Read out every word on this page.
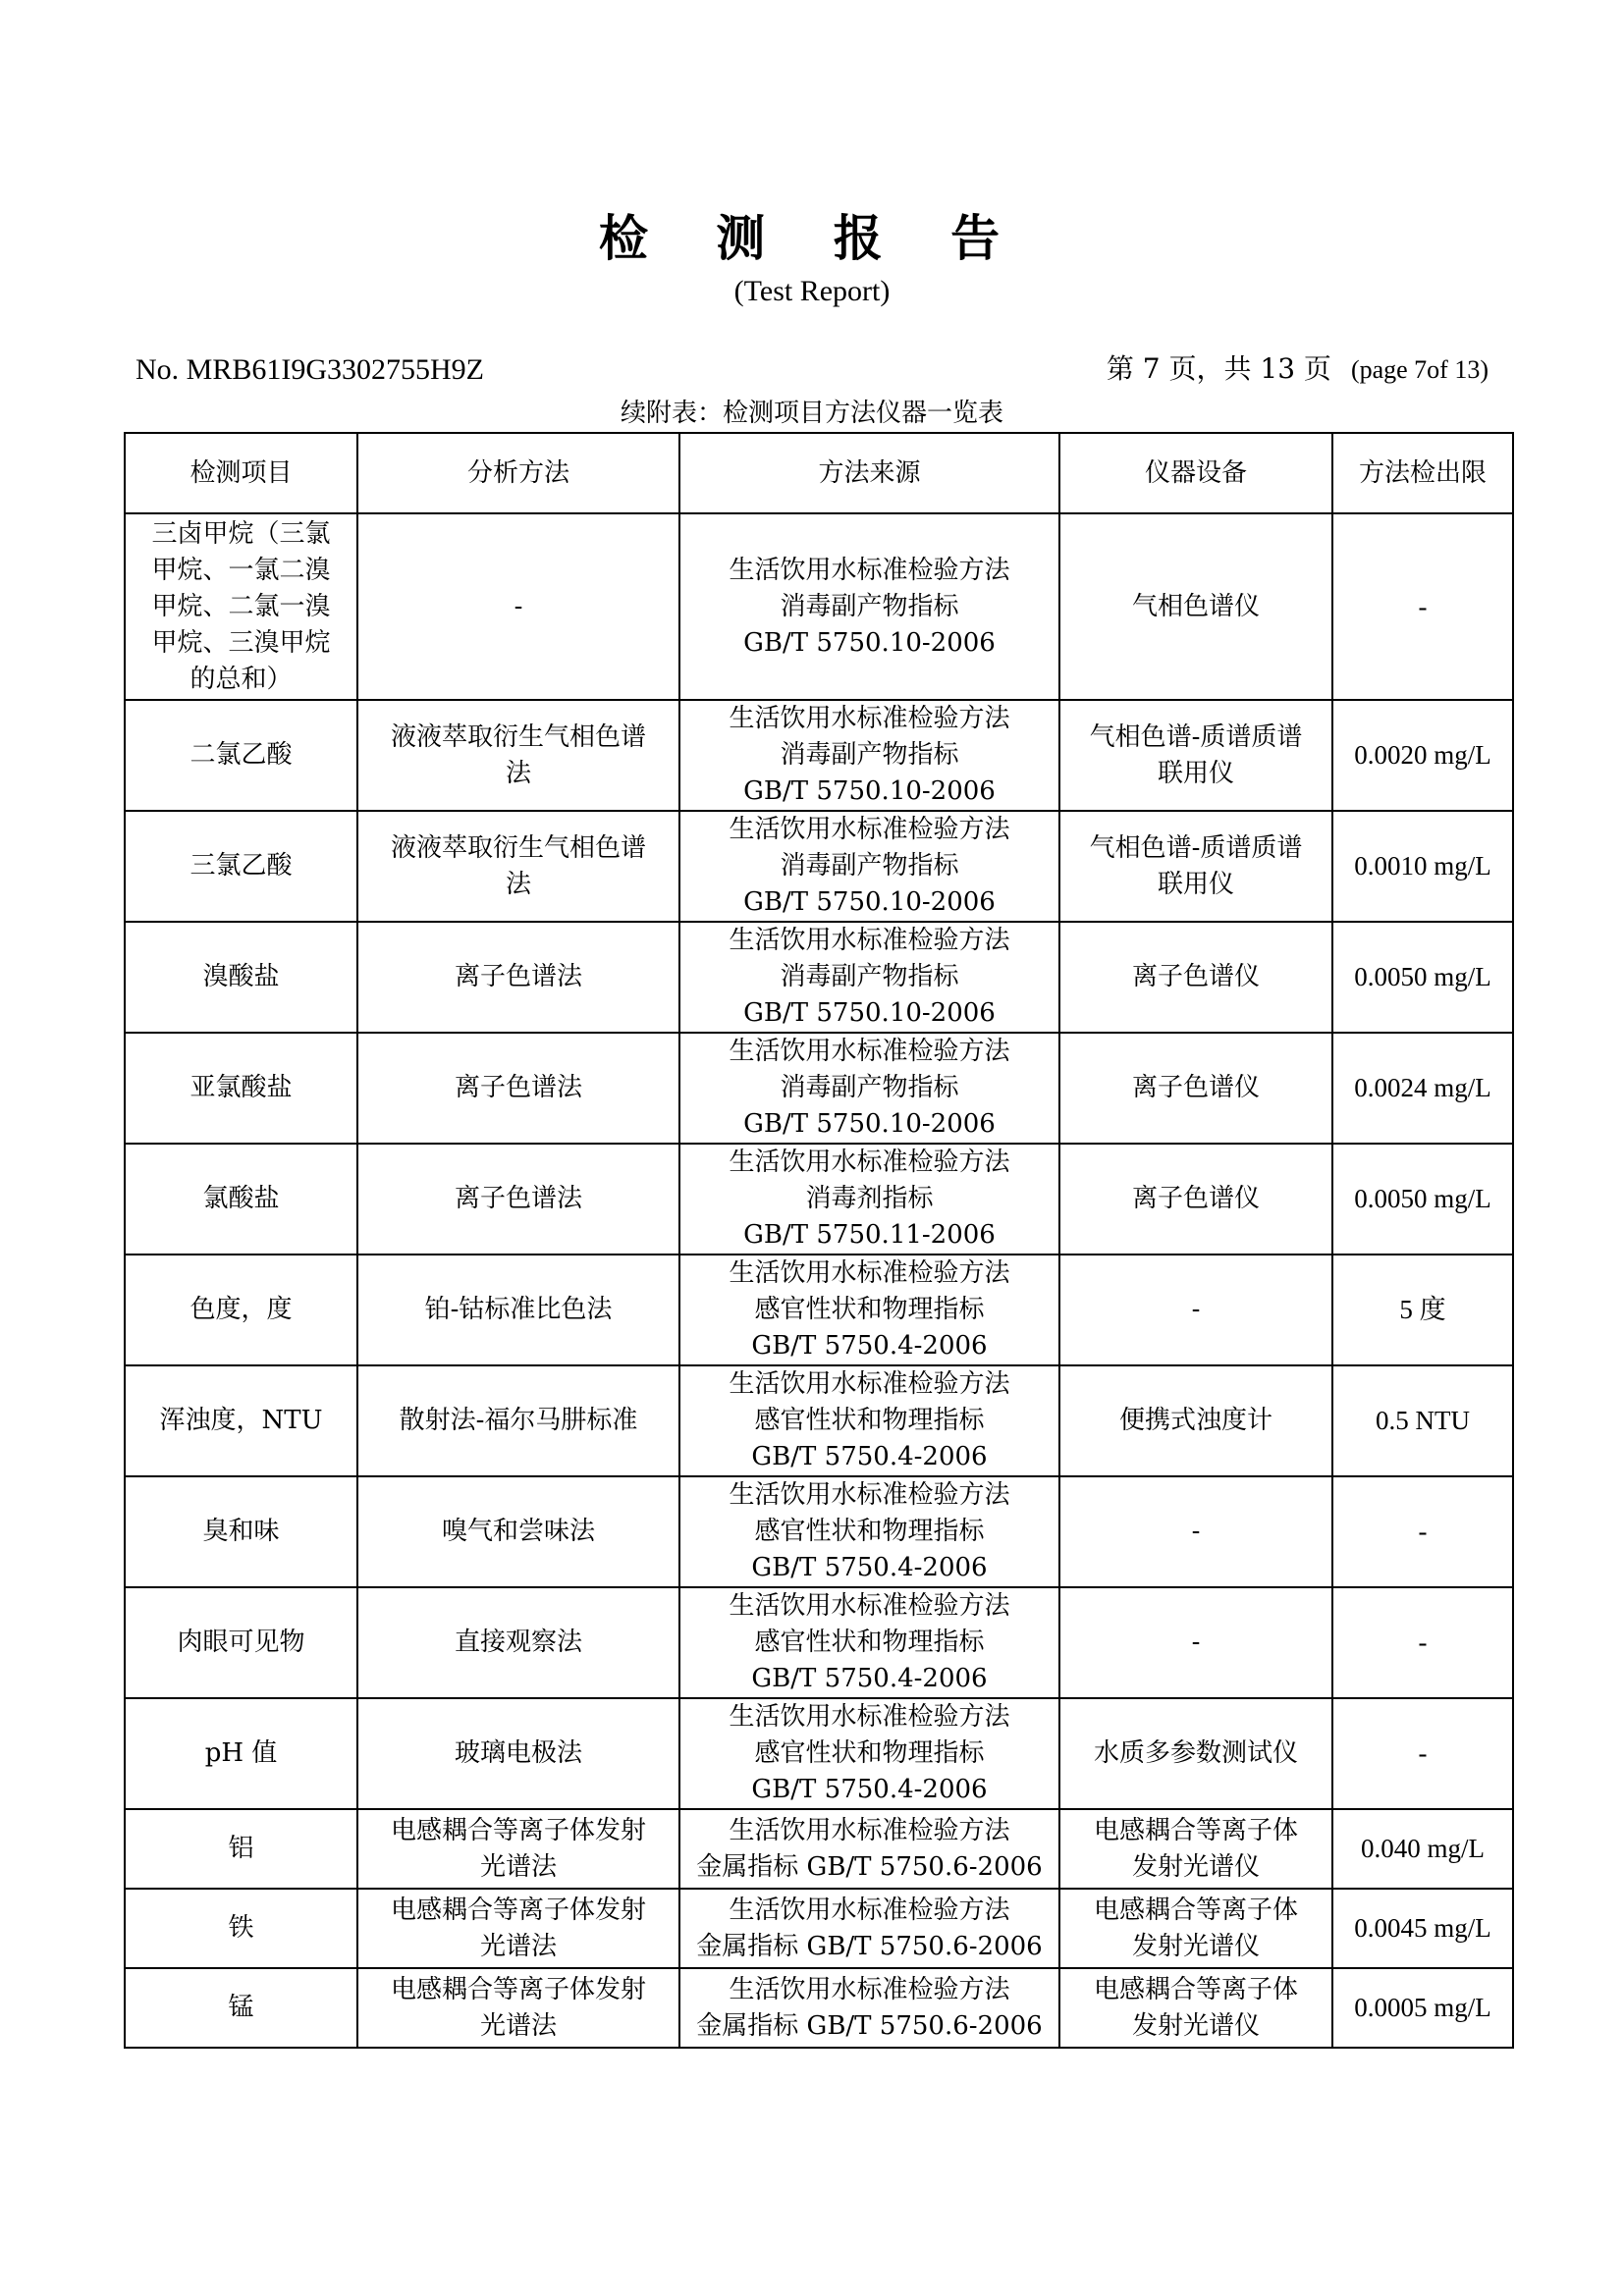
检 测 报 告
(Test Report)
No. MRB61I9G3302755H9Z	第 7 页，共 13 页 (page 7of 13)
续附表：检测项目方法仪器一览表
检测项目	分析方法	方法来源	仪器设备	方法检出限

三卤甲烷（三氯
甲烷、一氯二溴
甲烷、二氯一溴
甲烷、三溴甲烷
的总和）	-	生活饮用水标准检验方法
消毒副产物指标
GB/T 5750.10-2006	气相色谱仪	-

二氯乙酸	液液萃取衍生气相色谱
法	生活饮用水标准检验方法
消毒副产物指标
GB/T 5750.10-2006	气相色谱-质谱质谱
联用仪	0.0020 mg/L

三氯乙酸	液液萃取衍生气相色谱
法	生活饮用水标准检验方法
消毒副产物指标
GB/T 5750.10-2006	气相色谱-质谱质谱
联用仪	0.0010 mg/L

溴酸盐	离子色谱法	生活饮用水标准检验方法
消毒副产物指标
GB/T 5750.10-2006	离子色谱仪	0.0050 mg/L

亚氯酸盐	离子色谱法	生活饮用水标准检验方法
消毒副产物指标
GB/T 5750.10-2006	离子色谱仪	0.0024 mg/L

氯酸盐	离子色谱法	生活饮用水标准检验方法
消毒剂指标
GB/T 5750.11-2006	离子色谱仪	0.0050 mg/L

色度，度	铂-钴标准比色法	生活饮用水标准检验方法
感官性状和物理指标
GB/T 5750.4-2006	-	5 度

浑浊度，NTU	散射法-福尔马肼标准	生活饮用水标准检验方法
感官性状和物理指标
GB/T 5750.4-2006	便携式浊度计	0.5 NTU

臭和味	嗅气和尝味法	生活饮用水标准检验方法
感官性状和物理指标
GB/T 5750.4-2006	-	-

肉眼可见物	直接观察法	生活饮用水标准检验方法
感官性状和物理指标
GB/T 5750.4-2006	-	-

pH 值	玻璃电极法	生活饮用水标准检验方法
感官性状和物理指标
GB/T 5750.4-2006	水质多参数测试仪	-

铝	电感耦合等离子体发射
光谱法	生活饮用水标准检验方法
金属指标 GB/T 5750.6-2006	电感耦合等离子体
发射光谱仪	0.040 mg/L

铁	电感耦合等离子体发射
光谱法	生活饮用水标准检验方法
金属指标 GB/T 5750.6-2006	电感耦合等离子体
发射光谱仪	0.0045 mg/L

锰	电感耦合等离子体发射
光谱法	生活饮用水标准检验方法
金属指标 GB/T 5750.6-2006	电感耦合等离子体
发射光谱仪	0.0005 mg/L
